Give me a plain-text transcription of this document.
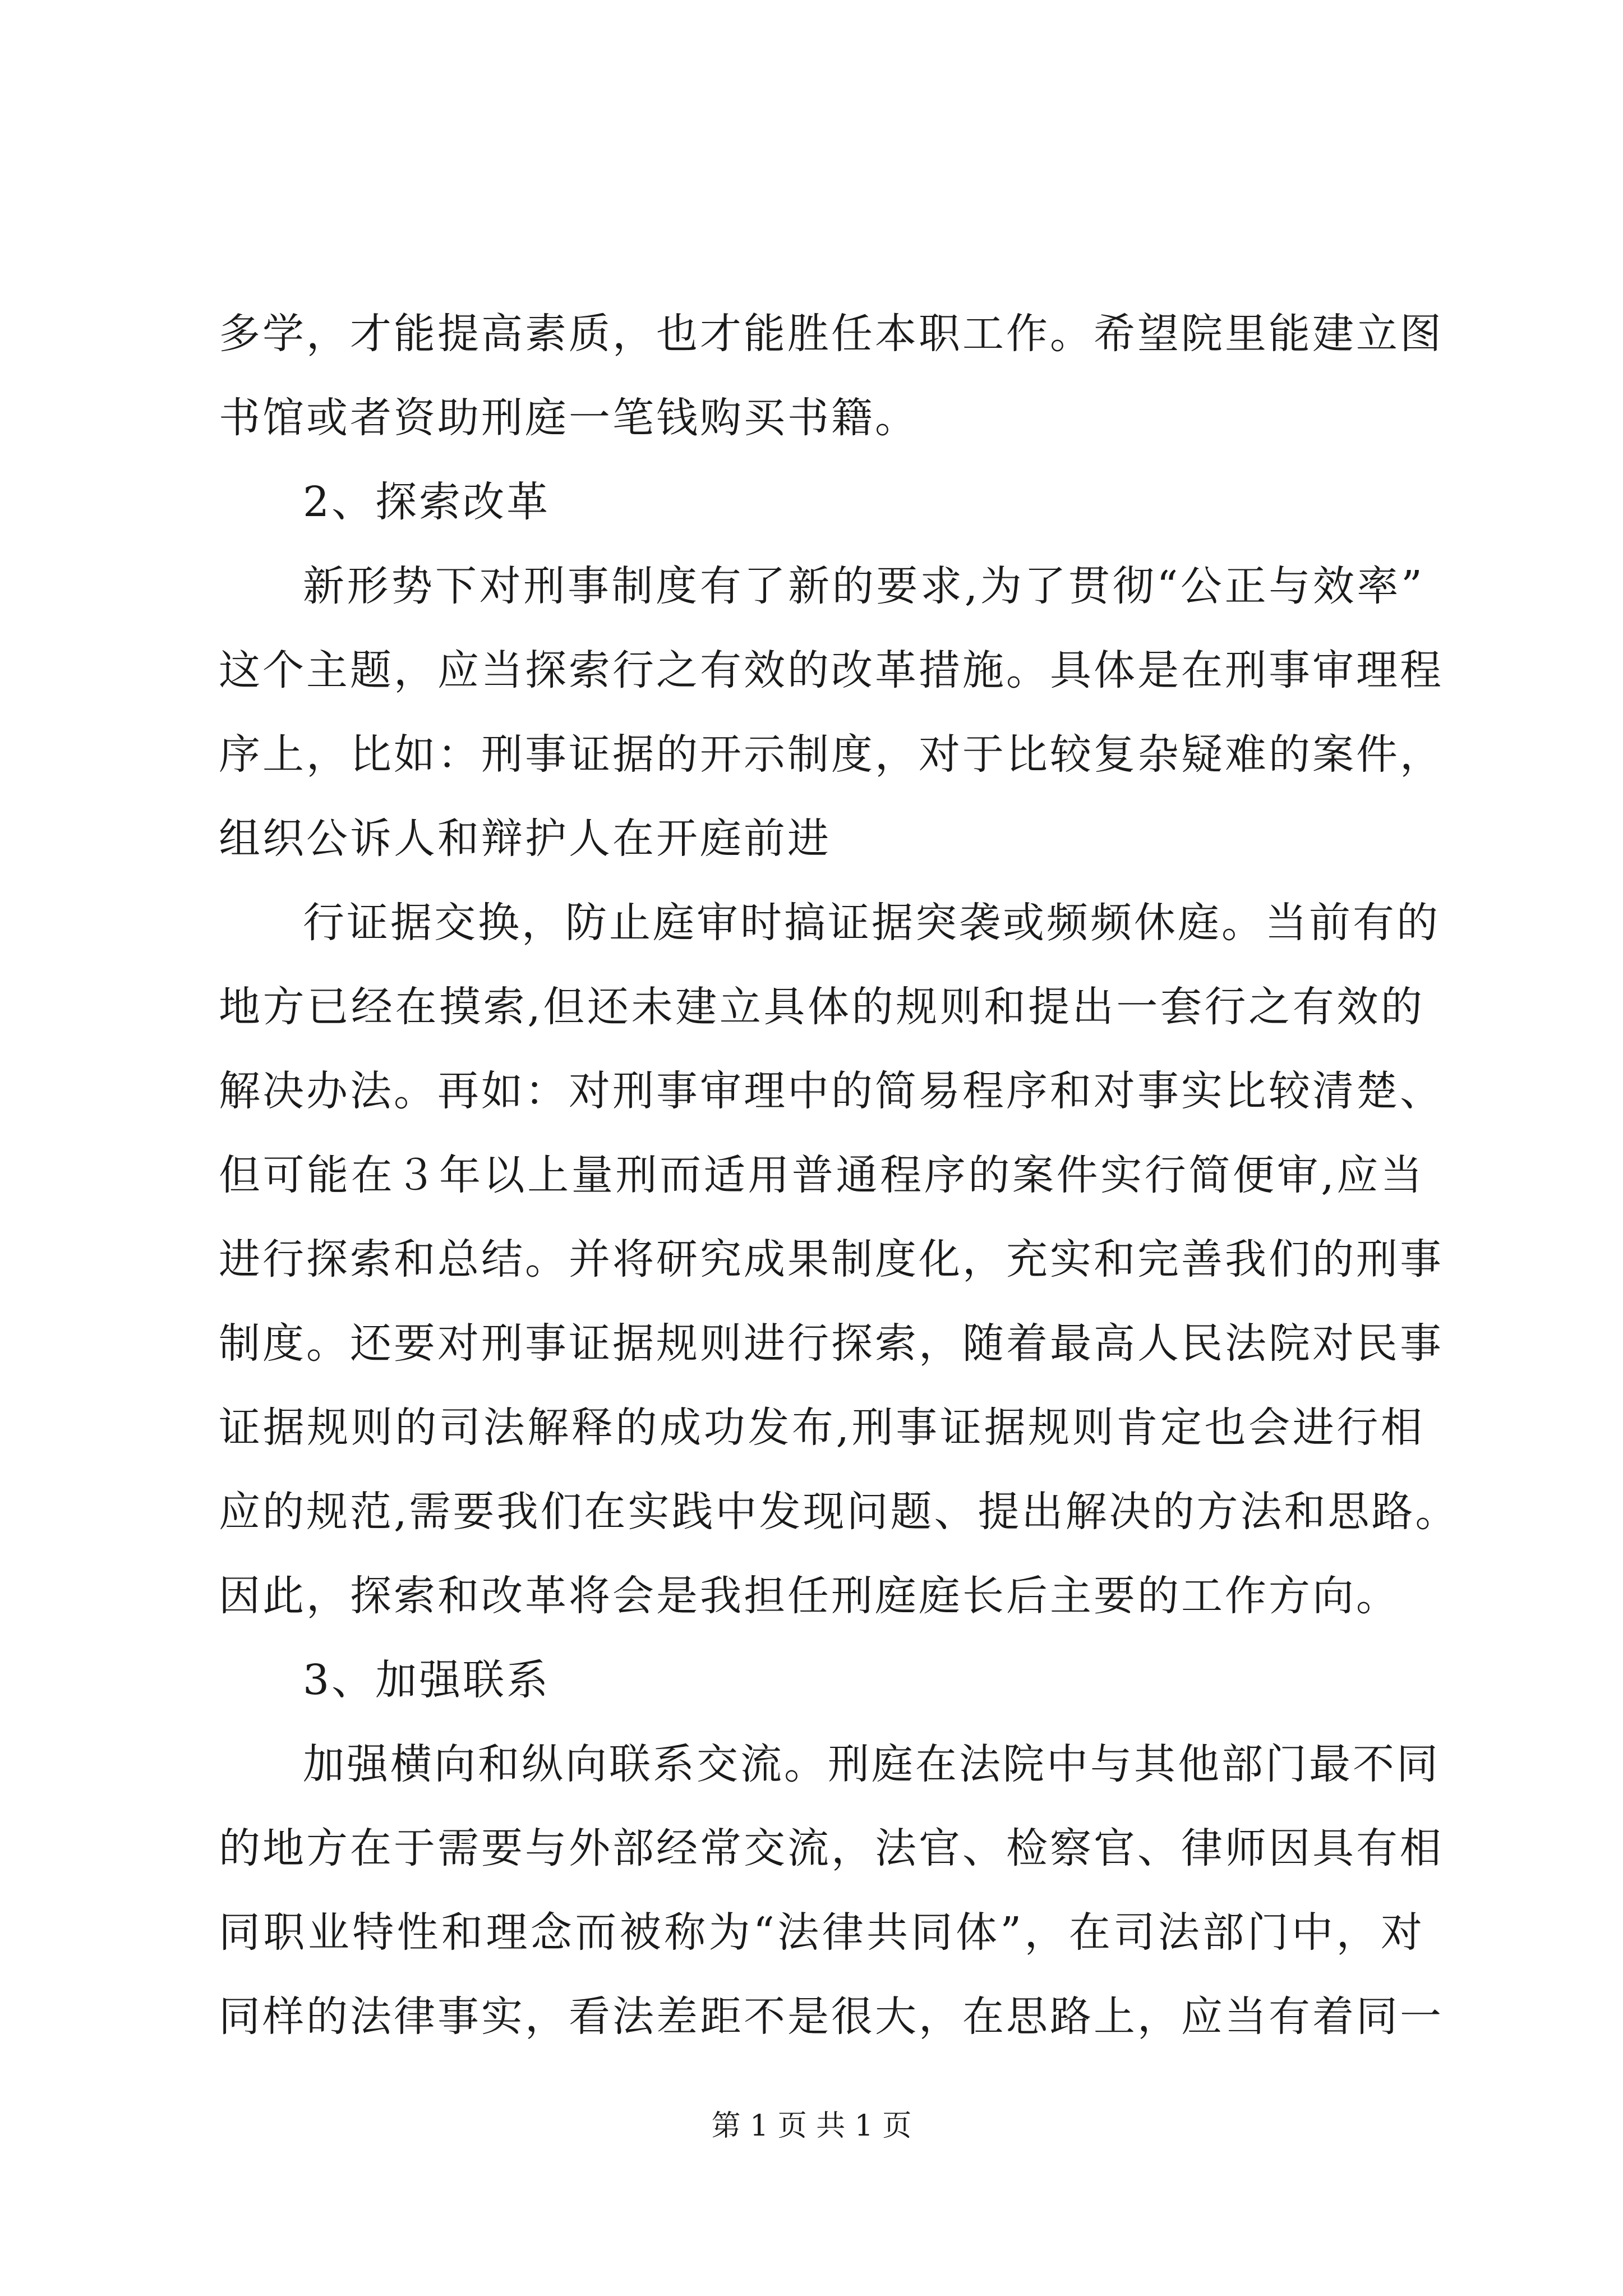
多学，才能提高素质，也才能胜任本职工作。希望院里能建立图
书馆或者资助刑庭一笔钱购买书籍。
2、探索改革
新形势下对刑事制度有了新的要求,为了贯彻“公正与效率”
这个主题，应当探索行之有效的改革措施。具体是在刑事审理程
序上，比如：刑事证据的开示制度，对于比较复杂疑难的案件，
组织公诉人和辩护人在开庭前进
行证据交换，防止庭审时搞证据突袭或频频休庭。当前有的
地方已经在摸索,但还未建立具体的规则和提出一套行之有效的
解决办法。再如：对刑事审理中的简易程序和对事实比较清楚、
但可能在３年以上量刑而适用普通程序的案件实行简便审,应当
进行探索和总结。并将研究成果制度化，充实和完善我们的刑事
制度。还要对刑事证据规则进行探索，随着最高人民法院对民事
证据规则的司法解释的成功发布,刑事证据规则肯定也会进行相
应的规范,需要我们在实践中发现问题、提出解决的方法和思路。
因此，探索和改革将会是我担任刑庭庭长后主要的工作方向。
3、加强联系
加强横向和纵向联系交流。刑庭在法院中与其他部门最不同
的地方在于需要与外部经常交流，法官、检察官、律师因具有相
同职业特性和理念而被称为“法律共同体”，在司法部门中，对
同样的法律事实，看法差距不是很大，在思路上，应当有着同一
第 1 页 共 1 页
